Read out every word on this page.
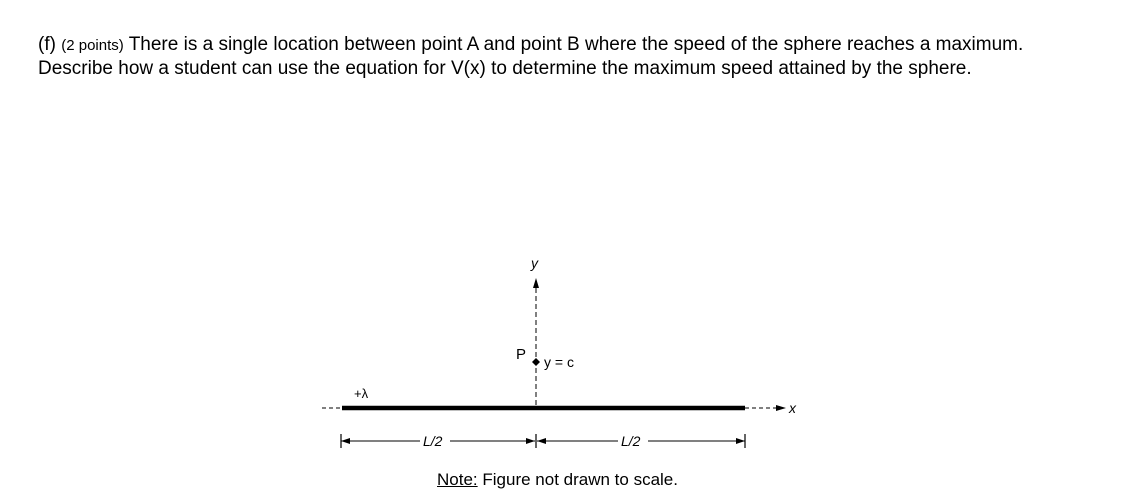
(f) (2 points) There is a single location between point A and point B where the speed of the sphere reaches a maximum. Describe how a student can use the equation for V(x) to determine the maximum speed attained by the sphere.

y
P y = c
x
+λ
L/2	L/2
Note: Figure not drawn to scale.
